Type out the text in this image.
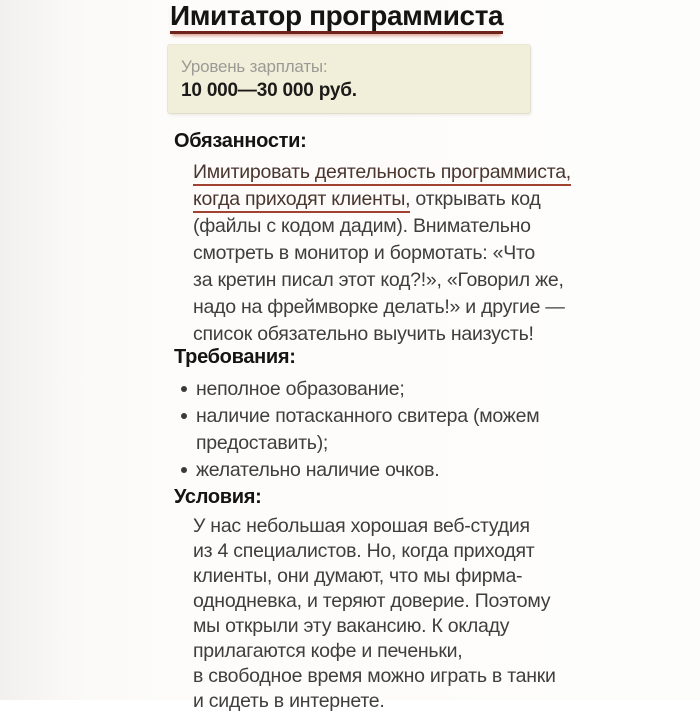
Имитатор программиста
Уровень зарплаты:
10 000—30 000 руб.
Обязанности:
Имитировать деятельность программиста,
когда приходят клиенты, открывать код
(файлы с кодом дадим). Внимательно
смотреть в монитор и бормотать: «Что
за кретин писал этот код?!», «Говорил же,
надо на фреймворке делать!» и другие —
список обязательно выучить наизусть!
Требования:
неполное образование;
наличие потасканного свитера (можем
предоставить);
желательно наличие очков.
Условия:
У нас небольшая хорошая веб-студия
из 4 специалистов. Но, когда приходят
клиенты, они думают, что мы фирма-
однодневка, и теряют доверие. Поэтому
мы открыли эту вакансию. К окладу
прилагаются кофе и печеньки,
в свободное время можно играть в танки
и сидеть в интернете.
